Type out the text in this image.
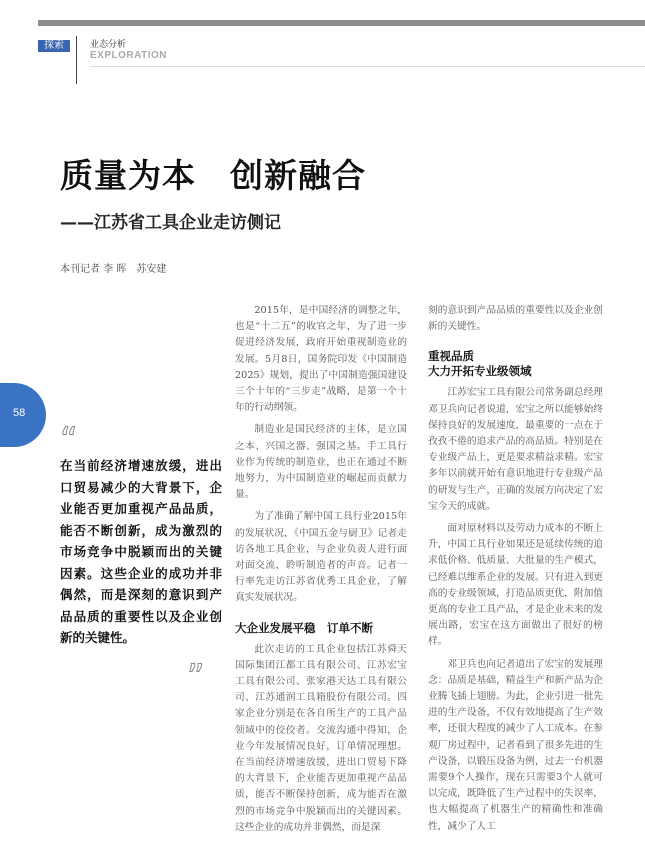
探索	业态分析
EXPLORATION
质量为本　创新融合
——江苏省工具企业走访侧记
本刊记者 李 晖　苏安建
58
“
在当前经济增速放缓，进出口贸易减少的大背景下，企业能否更加重视产品品质，能否不断创新，成为激烈的市场竞争中脱颖而出的关键因素。这些企业的成功并非偶然，而是深刻的意识到产品品质的重要性以及企业创新的关键性。
”

2015年，是中国经济的调整之年，也是“十二五”的收官之年，为了进一步促进经济发展，政府开始重视制造业的发展。5月8日，国务院印发《中国制造2025》规划，提出了中国制造强国建设三个十年的“三步走”战略，是第一个十年的行动纲领。

制造业是国民经济的主体，是立国之本、兴国之器、强国之基。手工具行业作为传统的制造业，也正在通过不断地努力，为中国制造业的崛起而贡献力量。

为了准确了解中国工具行业2015年的发展状况，《中国五金与厨卫》记者走访各地工具企业，与企业负责人进行面对面交流，聆听制造者的声音。记者一行率先走访江苏省优秀工具企业，了解真实发展状况。

大企业发展平稳　订单不断

此次走访的工具企业包括江苏舜天国际集团江都工具有限公司、江苏宏宝工具有限公司、张家港天达工具有限公司、江苏通润工具箱股份有限公司。四家企业分别是在各自所生产的工具产品领域中的佼佼者。交流沟通中得知，企业今年发展情况良好，订单情况理想。在当前经济增速放缓，进出口贸易下降的大背景下，企业能否更加重视产品品质，能否不断保持创新，成为能否在激烈的市场竞争中脱颖而出的关键因素。这些企业的成功并非偶然，而是深

刻的意识到产品品质的重要性以及企业创新的关键性。

重视品质
大力开拓专业级领域

江苏宏宝工具有限公司常务副总经理邓卫兵向记者说道，宏宝之所以能够始终保持良好的发展速度，最重要的一点在于孜孜不倦的追求产品的高品质。特别是在专业级产品上，更是要求精益求精。宏宝多年以前就开始有意识地进行专业级产品的研发与生产，正确的发展方向决定了宏宝今天的成就。

面对原材料以及劳动力成本的不断上升，中国工具行业如果还是延续传统的追求低价格、低质量、大批量的生产模式，已经难以维系企业的发展。只有进入到更高的专业级领域，打造品质更优，附加值更高的专业工具产品，才是企业未来的发展出路，宏宝在这方面做出了很好的榜样。

邓卫兵也向记者道出了宏宝的发展理念：品质是基础，精益生产和新产品为企业腾飞插上翅膀。为此，企业引进一批先进的生产设备，不仅有效地提高了生产效率，还很大程度的减少了人工成本。在参观厂房过程中，记者看到了很多先进的生产设备，以锻压设备为例，过去一台机器需要9个人操作，现在只需要3个人就可以完成，既降低了生产过程中的失误率，也大幅提高了机器生产的精确性和准确性，减少了人工
